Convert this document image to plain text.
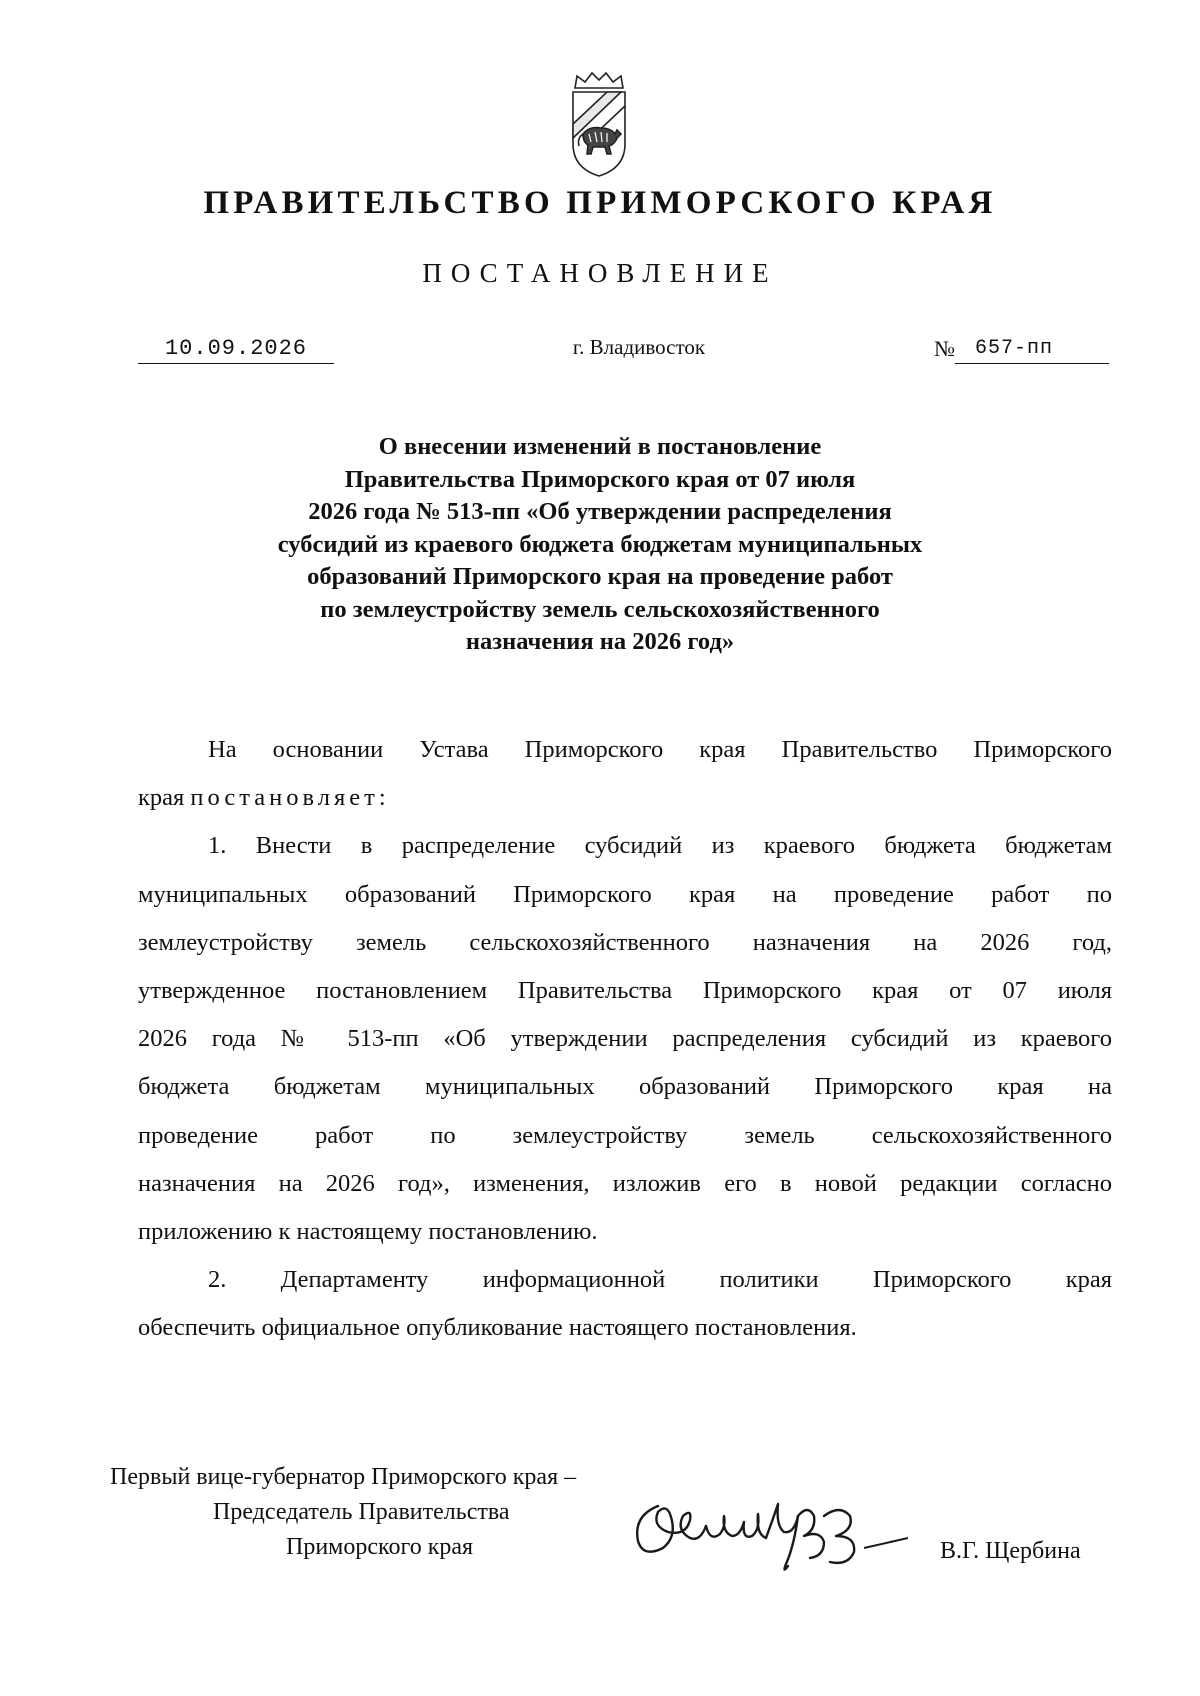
ПРАВИТЕЛЬСТВО ПРИМОРСКОГО КРАЯ
ПОСТАНОВЛЕНИЕ
10.09.2026	г. Владивосток	№	657-пп
О внесении изменений в постановление
Правительства Приморского края от 07 июля
2026 года № 513-пп «Об утверждении распределения
субсидий из краевого бюджета бюджетам муниципальных
образований Приморского края на проведение работ
по землеустройству земель сельскохозяйственного
назначения на 2026 год»

На основании Устава Приморского края Правительство Приморского
края постановляет:

1. Внести в распределение субсидий из краевого бюджета бюджетам
муниципальных образований Приморского края на проведение работ по
землеустройству земель сельскохозяйственного назначения на 2026 год,
утвержденное постановлением Правительства Приморского края от 07 июля
2026 года № 513-пп «Об утверждении распределения субсидий из краевого
бюджета бюджетам муниципальных образований Приморского края на
проведение работ по землеустройству земель сельскохозяйственного
назначения на 2026 год», изменения, изложив его в новой редакции согласно
приложению к настоящему постановлению.

2. Департаменту информационной политики Приморского края
обеспечить официальное опубликование настоящего постановления.

Первый вице-губернатор Приморского края –
Председатель Правительства
Приморского края	В.Г. Щербина
